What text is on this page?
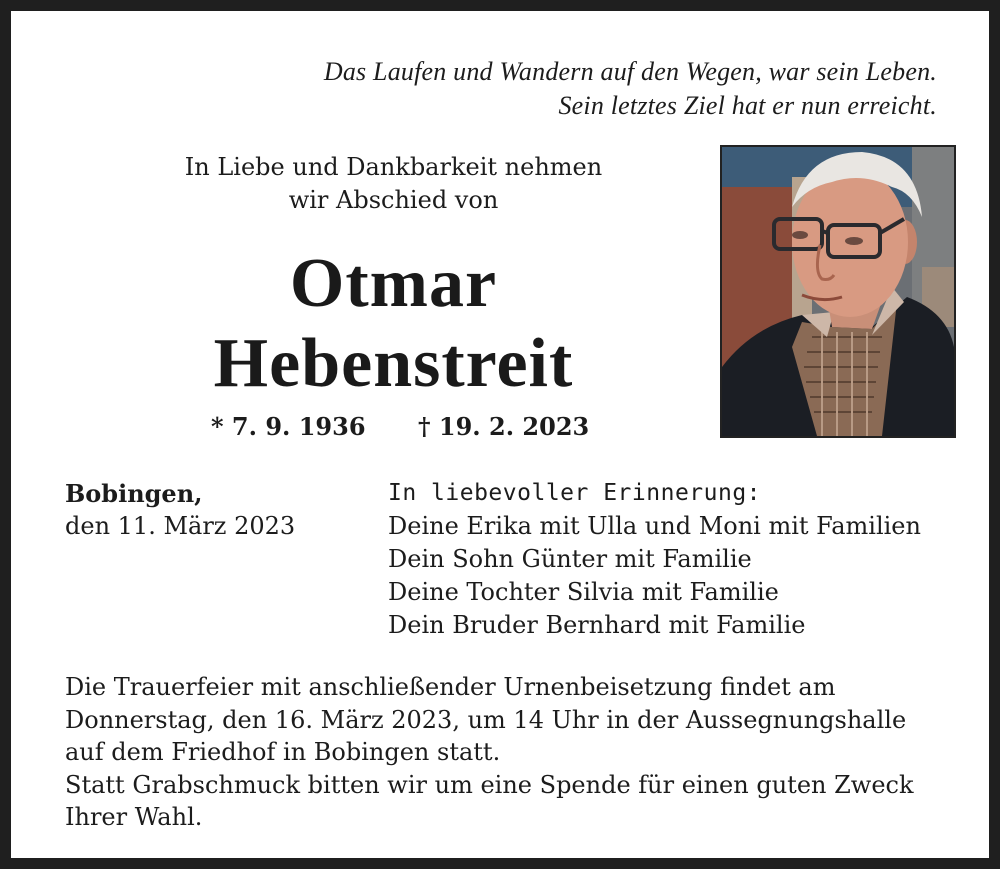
Das Laufen und Wandern auf den Wegen, war sein Leben.
Sein letztes Ziel hat er nun erreicht.
In Liebe und Dankbarkeit nehmen
wir Abschied von
Otmar
Hebenstreit
* 7. 9. 1936 † 19. 2. 2023
Bobingen,
den 11. März 2023
In liebevoller Erinnerung:
Deine Erika mit Ulla und Moni mit Familien
Dein Sohn Günter mit Familie
Deine Tochter Silvia mit Familie
Dein Bruder Bernhard mit Familie
Die Trauerfeier mit anschließender Urnenbeisetzung findet am
Donnerstag, den 16. März 2023, um 14 Uhr in der Aussegnungshalle
auf dem Friedhof in Bobingen statt.
Statt Grabschmuck bitten wir um eine Spende für einen guten Zweck
Ihrer Wahl.
